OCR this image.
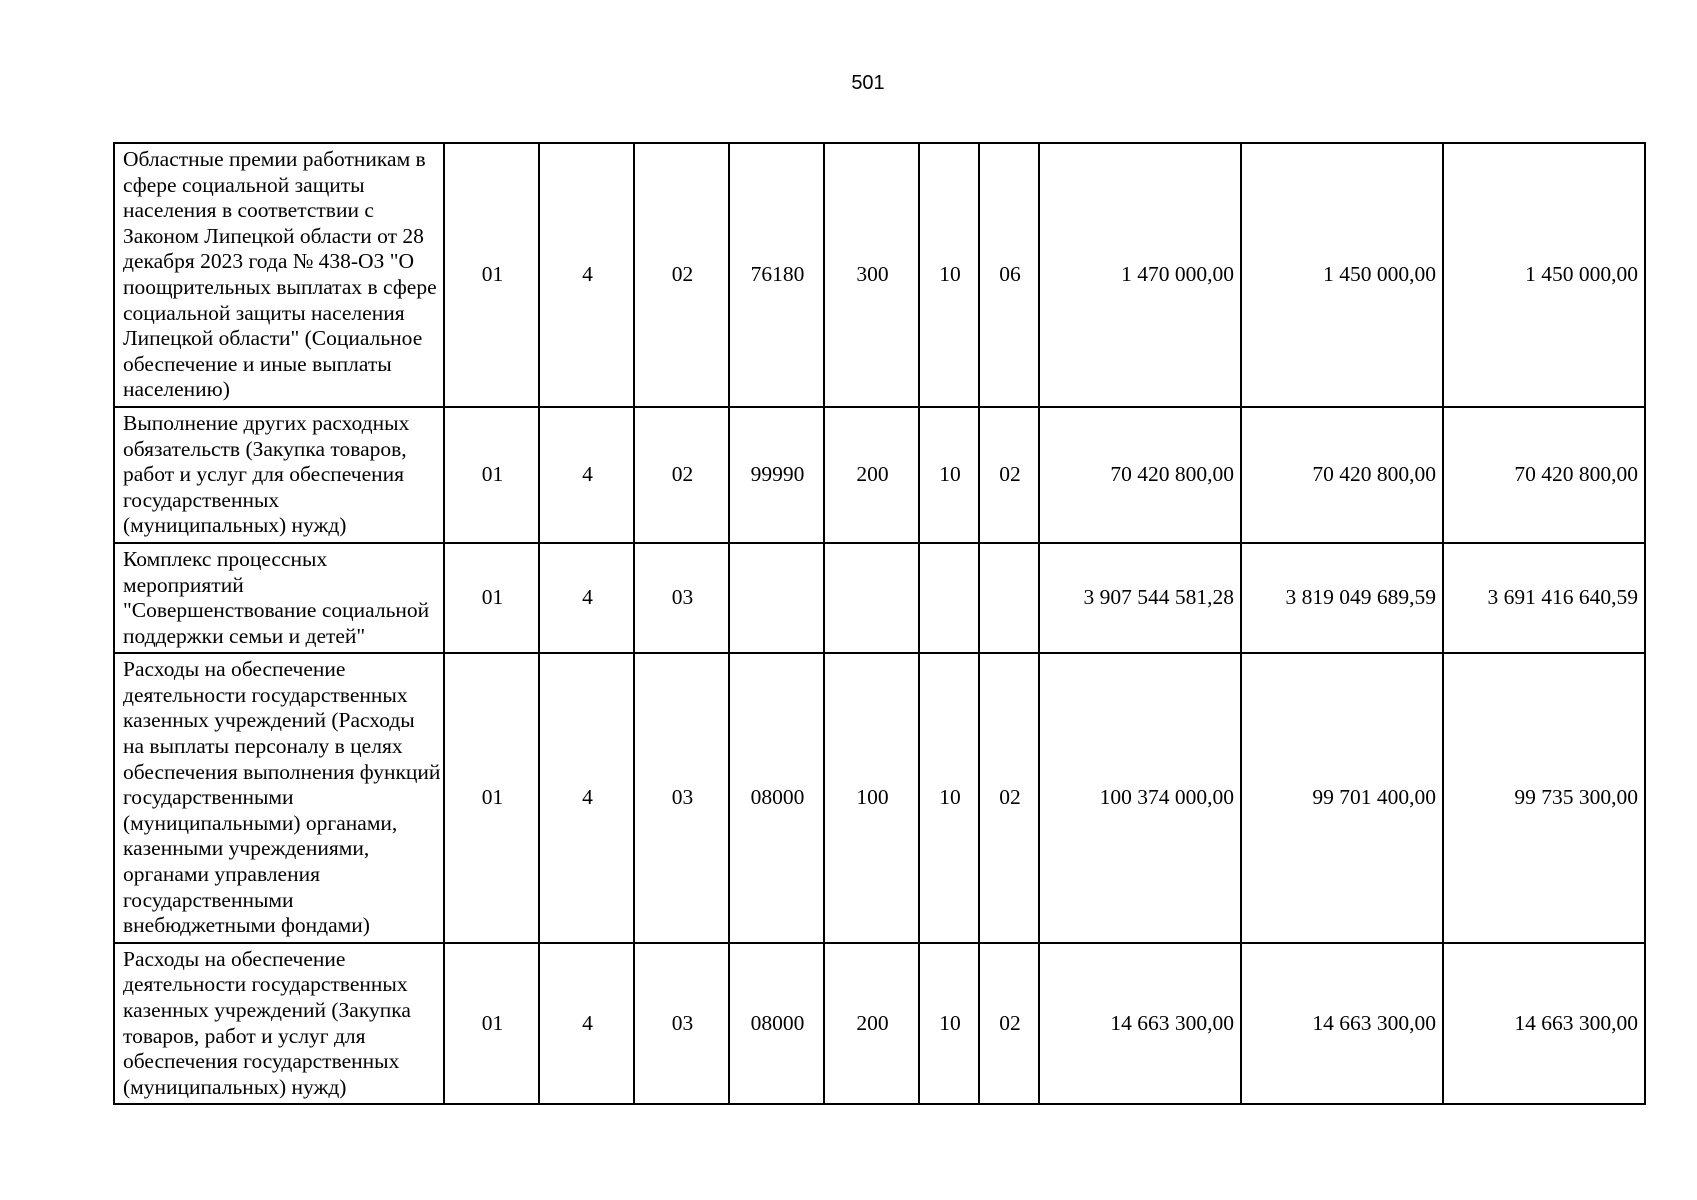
501
Областные премии работникам в сфере социальной защиты населения в соответствии с Законом Липецкой области от 28 декабря 2023 года № 438-ОЗ "О поощрительных выплатах в сфере социальной защиты населения Липецкой области" (Социальное обеспечение и иные выплаты населению)	01	4	02	76180	300	10	06	1 470 000,00	1 450 000,00	1 450 000,00
Выполнение других расходных обязательств (Закупка товаров, работ и услуг для обеспечения государственных (муниципальных) нужд)	01	4	02	99990	200	10	02	70 420 800,00	70 420 800,00	70 420 800,00
Комплекс процессных мероприятий "Совершенствование социальной поддержки семьи и детей"	01	4	03					3 907 544 581,28	3 819 049 689,59	3 691 416 640,59
Расходы на обеспечение деятельности государственных казенных учреждений (Расходы на выплаты персоналу в целях обеспечения выполнения функций государственными (муниципальными) органами, казенными учреждениями, органами управления государственными внебюджетными фондами)	01	4	03	08000	100	10	02	100 374 000,00	99 701 400,00	99 735 300,00
Расходы на обеспечение деятельности государственных казенных учреждений (Закупка товаров, работ и услуг для обеспечения государственных (муниципальных) нужд)	01	4	03	08000	200	10	02	14 663 300,00	14 663 300,00	14 663 300,00
